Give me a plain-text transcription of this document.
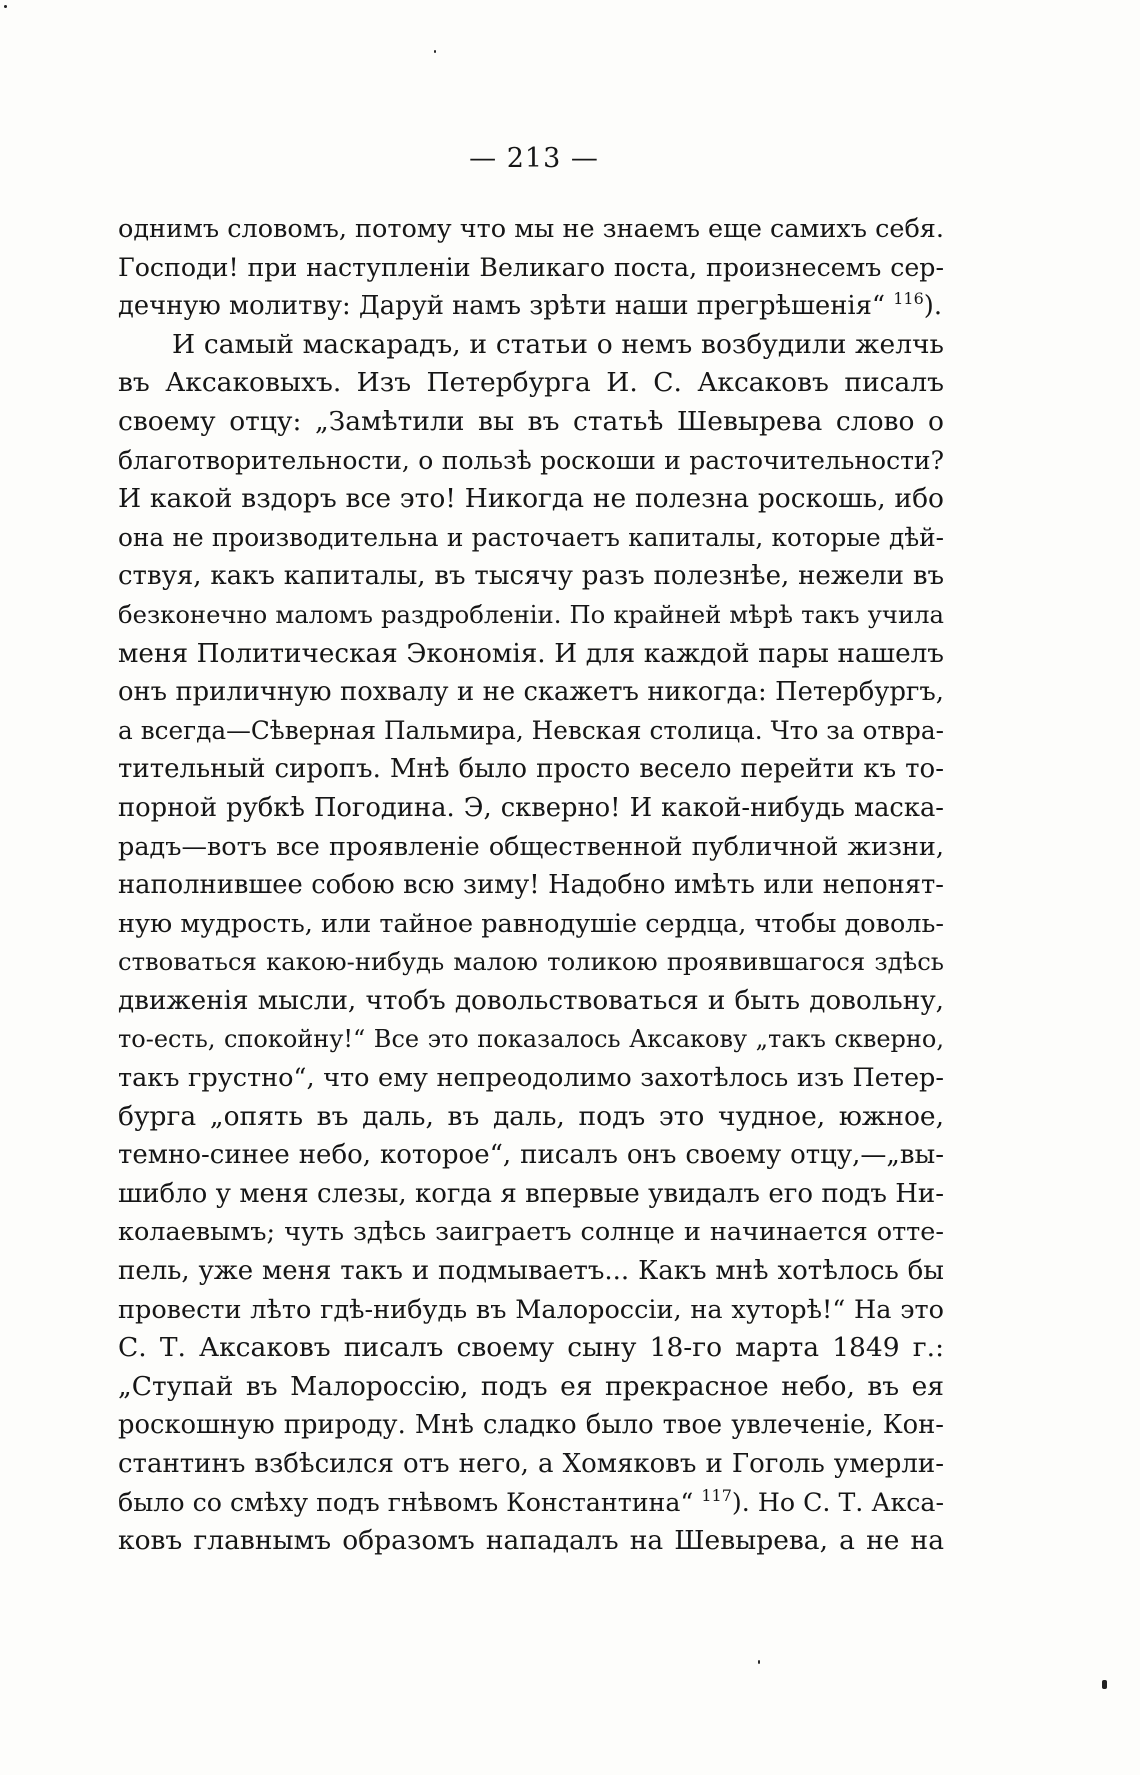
— 213 —
однимъ словомъ, потому что мы не знаемъ еще самихъ себя.
Господи! при наступленіи Великаго поста, произнесемъ сер-
дечную молитву: Даруй намъ зрѣти наши прегрѣшенія“ $^{116}$).
И самый маскарадъ, и статьи о немъ возбудили желчь
въ Аксаковыхъ. Изъ Петербурга И. С. Аксаковъ писалъ
своему отцу: „Замѣтили вы въ статьѣ Шевырева слово о
благотворительности, о пользѣ роскоши и расточительности?
И какой вздоръ все это! Никогда не полезна роскошь, ибо
она не производительна и расточаетъ капиталы, которые дѣй-
ствуя, какъ капиталы, въ тысячу разъ полезнѣе, нежели въ
безконечно маломъ раздробленіи. По крайней мѣрѣ такъ учила
меня Политическая Экономія. И для каждой пары нашелъ
онъ приличную похвалу и не скажетъ никогда: Петербургъ,
а всегда—Сѣверная Пальмира, Невская столица. Что за отвра-
тительный сиропъ. Мнѣ было просто весело перейти къ то-
порной рубкѣ Погодина. Э, скверно! И какой-нибудь маска-
радъ—вотъ все проявленіе общественной публичной жизни,
наполнившее собою всю зиму! Надобно имѣть или непонят-
ную мудрость, или тайное равнодушіе сердца, чтобы доволь-
ствоваться какою-нибудь малою толикою проявившагося здѣсь
движенія мысли, чтобъ довольствоваться и быть довольну,
то-есть, спокойну!“ Все это показалось Аксакову „такъ скверно,
такъ грустно“, что ему непреодолимо захотѣлось изъ Петер-
бурга „опять въ даль, въ даль, подъ это чудное, южное,
темно-синее небо, которое“, писалъ онъ своему отцу,—„вы-
шибло у меня слезы, когда я впервые увидалъ его подъ Ни-
колаевымъ; чуть здѣсь заиграетъ солнце и начинается отте-
пель, уже меня такъ и подмываетъ... Какъ мнѣ хотѣлось бы
провести лѣто гдѣ-нибудь въ Малороссіи, на хуторѣ!“ На это
С. Т. Аксаковъ писалъ своему сыну 18-го марта 1849 г.:
„Ступай въ Малороссію, подъ ея прекрасное небо, въ ея
роскошную природу. Мнѣ сладко было твое увлеченіе, Кон-
стантинъ взбѣсился отъ него, а Хомяковъ и Гоголь умерли-
было со смѣху подъ гнѣвомъ Константина“ $^{117}$). Но С. Т. Акса-
ковъ главнымъ образомъ нападалъ на Шевырева, а не на
